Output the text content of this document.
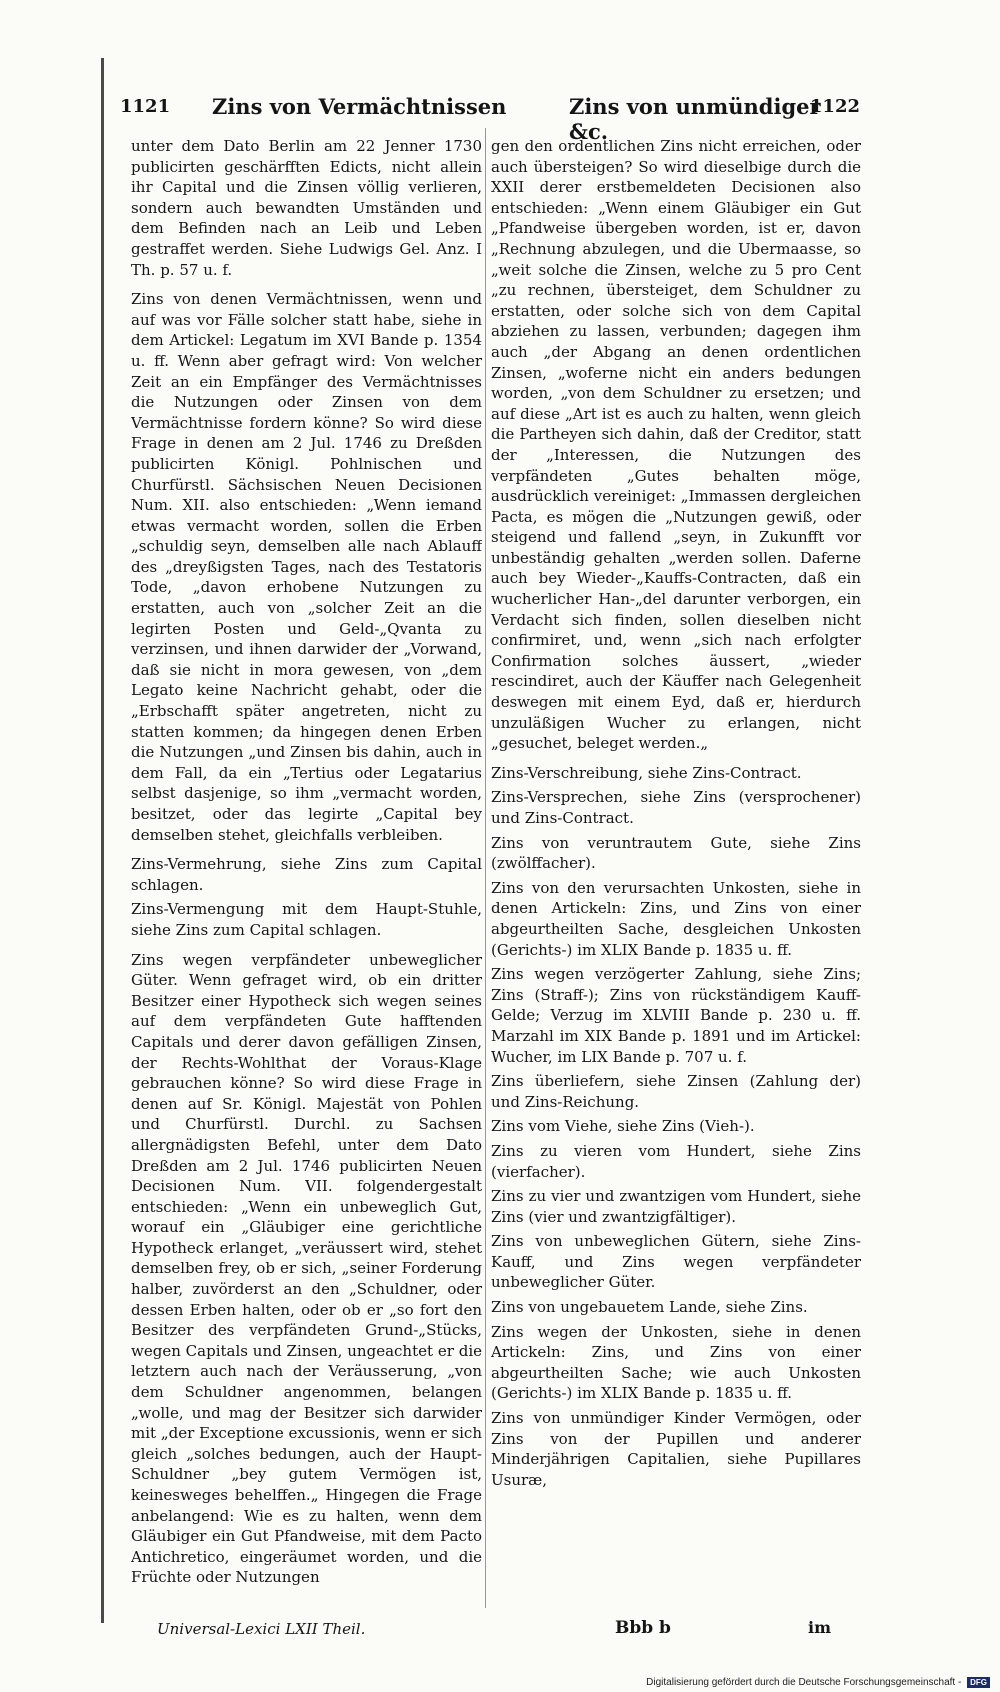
1121 Zins von Vermächtnissen	Zins von unmündiger &c.
1122

unter dem Dato Berlin am 22 Jenner 1730 publicirten geschärfften Edicts, nicht allein ihr Capital und die Zinsen völlig verlieren, sondern auch bewandten Umständen und dem Befinden nach an Leib und Leben gestraffet werden. Siehe Ludwigs Gel. Anz. I Th. p. 57 u. f.

Zins von denen Vermächtnissen, wenn und auf was vor Fälle solcher statt habe, siehe in dem Artickel: Legatum im XVI Bande p. 1354 u. ff. Wenn aber gefragt wird: Von welcher Zeit an ein Empfänger des Vermächtnisses die Nutzungen oder Zinsen von dem Vermächtnisse fordern könne? So wird diese Frage in denen am 2 Jul. 1746 zu Dreßden publicirten Königl. Pohlnischen und Churfürstl. Sächsischen Neuen Decisionen Num. XII. also entschieden: „Wenn iemand etwas vermacht worden, sollen die Erben „schuldig seyn, demselben alle nach Ablauff des „dreyßigsten Tages, nach des Testatoris Tode, „davon erhobene Nutzungen zu erstatten, auch von „solcher Zeit an die legirten Posten und Geld-„Qvanta zu verzinsen, und ihnen darwider der „Vorwand, daß sie nicht in mora gewesen, von „dem Legato keine Nachricht gehabt, oder die „Erbschafft später angetreten, nicht zu statten kommen; da hingegen denen Erben die Nutzungen „und Zinsen bis dahin, auch in dem Fall, da ein „Tertius oder Legatarius selbst dasjenige, so ihm „vermacht worden, besitzet, oder das legirte „Capital bey demselben stehet, gleichfalls verbleiben.

Zins-Vermehrung, siehe Zins zum Capital schlagen.

Zins-Vermengung mit dem Haupt-Stuhle, siehe Zins zum Capital schlagen.

Zins wegen verpfändeter unbeweglicher Güter. Wenn gefraget wird, ob ein dritter Besitzer einer Hypotheck sich wegen seines auf dem verpfändeten Gute hafftenden Capitals und derer davon gefälligen Zinsen, der Rechts-Wohlthat der Voraus-Klage gebrauchen könne? So wird diese Frage in denen auf Sr. Königl. Majestät von Pohlen und Churfürstl. Durchl. zu Sachsen allergnädigsten Befehl, unter dem Dato Dreßden am 2 Jul. 1746 publicirten Neuen Decisionen Num. VII. folgendergestalt entschieden: „Wenn ein unbeweglich Gut, worauf ein „Gläubiger eine gerichtliche Hypotheck erlanget, „veräussert wird, stehet demselben frey, ob er sich, „seiner Forderung halber, zuvörderst an den „Schuldner, oder dessen Erben halten, oder ob er „so fort den Besitzer des verpfändeten Grund-„Stücks, wegen Capitals und Zinsen, ungeachtet er die letztern auch nach der Veräusserung, „von dem Schuldner angenommen, belangen „wolle, und mag der Besitzer sich darwider mit „der Exceptione excussionis, wenn er sich gleich „solches bedungen, auch der Haupt-Schuldner „bey gutem Vermögen ist, keinesweges behelffen.„ Hingegen die Frage anbelangend: Wie es zu halten, wenn dem Gläubiger ein Gut Pfandweise, mit dem Pacto Antichretico, eingeräumet worden, und die Früchte oder Nutzungen

gen den ordentlichen Zins nicht erreichen, oder auch übersteigen? So wird dieselbige durch die XXII derer erstbemeldeten Decisionen also entschieden: „Wenn einem Gläubiger ein Gut „Pfandweise übergeben worden, ist er, davon „Rechnung abzulegen, und die Ubermaasse, so „weit solche die Zinsen, welche zu 5 pro Cent „zu rechnen, übersteiget, dem Schuldner zu erstatten, oder solche sich von dem Capital abziehen zu lassen, verbunden; dagegen ihm auch „der Abgang an denen ordentlichen Zinsen, „woferne nicht ein anders bedungen worden, „von dem Schuldner zu ersetzen; und auf diese „Art ist es auch zu halten, wenn gleich die Partheyen sich dahin, daß der Creditor, statt der „Interessen, die Nutzungen des verpfändeten „Gutes behalten möge, ausdrücklich vereiniget: „Immassen dergleichen Pacta, es mögen die „Nutzungen gewiß, oder steigend und fallend „seyn, in Zukunfft vor unbeständig gehalten „werden sollen. Daferne auch bey Wieder-„Kauffs-Contracten, daß ein wucherlicher Han-„del darunter verborgen, ein Verdacht sich finden, sollen dieselben nicht confirmiret, und, wenn „sich nach erfolgter Confirmation solches äussert, „wieder rescindiret, auch der Käuffer nach Gelegenheit deswegen mit einem Eyd, daß er, hierdurch unzuläßigen Wucher zu erlangen, nicht „gesuchet, beleget werden.„

Zins-Verschreibung, siehe Zins-Contract.

Zins-Versprechen, siehe Zins (versprochener) und Zins-Contract.

Zins von veruntrautem Gute, siehe Zins (zwölffacher).

Zins von den verursachten Unkosten, siehe in denen Artickeln: Zins, und Zins von einer abgeurtheilten Sache, desgleichen Unkosten (Gerichts-) im XLIX Bande p. 1835 u. ff.

Zins wegen verzögerter Zahlung, siehe Zins; Zins (Straff-); Zins von rückständigem Kauff-Gelde; Verzug im XLVIII Bande p. 230 u. ff. Marzahl im XIX Bande p. 1891 und im Artickel: Wucher, im LIX Bande p. 707 u. f.

Zins überliefern, siehe Zinsen (Zahlung der) und Zins-Reichung.

Zins vom Viehe, siehe Zins (Vieh-).

Zins zu vieren vom Hundert, siehe Zins (vierfacher).

Zins zu vier und zwantzigen vom Hundert, siehe Zins (vier und zwantzigfältiger).

Zins von unbeweglichen Gütern, siehe Zins-Kauff, und Zins wegen verpfändeter unbeweglicher Güter.

Zins von ungebauetem Lande, siehe Zins.

Zins wegen der Unkosten, siehe in denen Artickeln: Zins, und Zins von einer abgeurtheilten Sache; wie auch Unkosten (Gerichts-) im XLIX Bande p. 1835 u. ff.

Zins von unmündiger Kinder Vermögen, oder Zins von der Pupillen und anderer Minderjährigen Capitalien, siehe Pupillares Usuræ,

Universal-Lexici LXII Theil.	Bbb b	im
Digitalisierung gefördert durch die Deutsche Forschungsgemeinschaft - DFG
